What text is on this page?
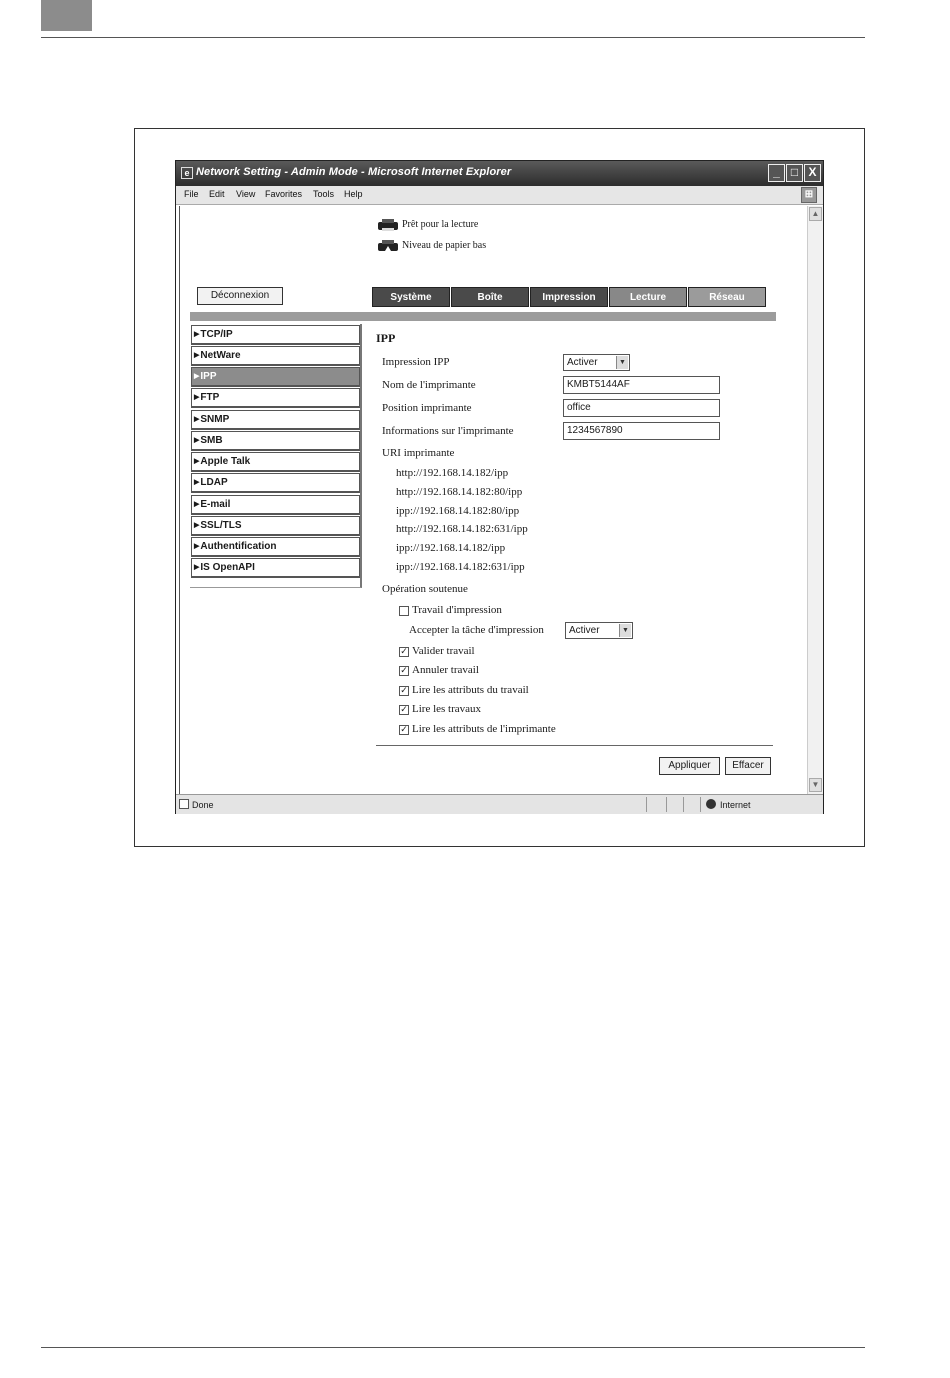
e Network Setting - Admin Mode - Microsoft Internet Explorer	_ □ X
File Edit View Favorites Tools Help	⊞
Prêt pour la lecture
Niveau de papier bas
Déconnexion	Système	Boîte	Impression	Lecture	Réseau
▶TCP/IP
▶NetWare
▶IPP
▶FTP
▶SNMP
▶SMB
▶Apple Talk
▶LDAP
▶E-mail
▶SSL/TLS
▶Authentification
▶IS OpenAPI
IPP
Impression IPP	Activer	▼
Nom de l'imprimante	KMBT5144AF
Position imprimante	office
Informations sur l'imprimante	1234567890
URI imprimante
http://192.168.14.182/ipp
http://192.168.14.182:80/ipp
ipp://192.168.14.182:80/ipp
http://192.168.14.182:631/ipp
ipp://192.168.14.182/ipp
ipp://192.168.14.182:631/ipp
Opération soutenue
Travail d'impression
Accepter la tâche d'impression	Activer	▼
✓ Valider travail
✓ Annuler travail
✓ Lire les attributs du travail
✓ Lire les travaux
✓ Lire les attributs de l'imprimante
Appliquer	Effacer
▲
▼
Done	Internet
